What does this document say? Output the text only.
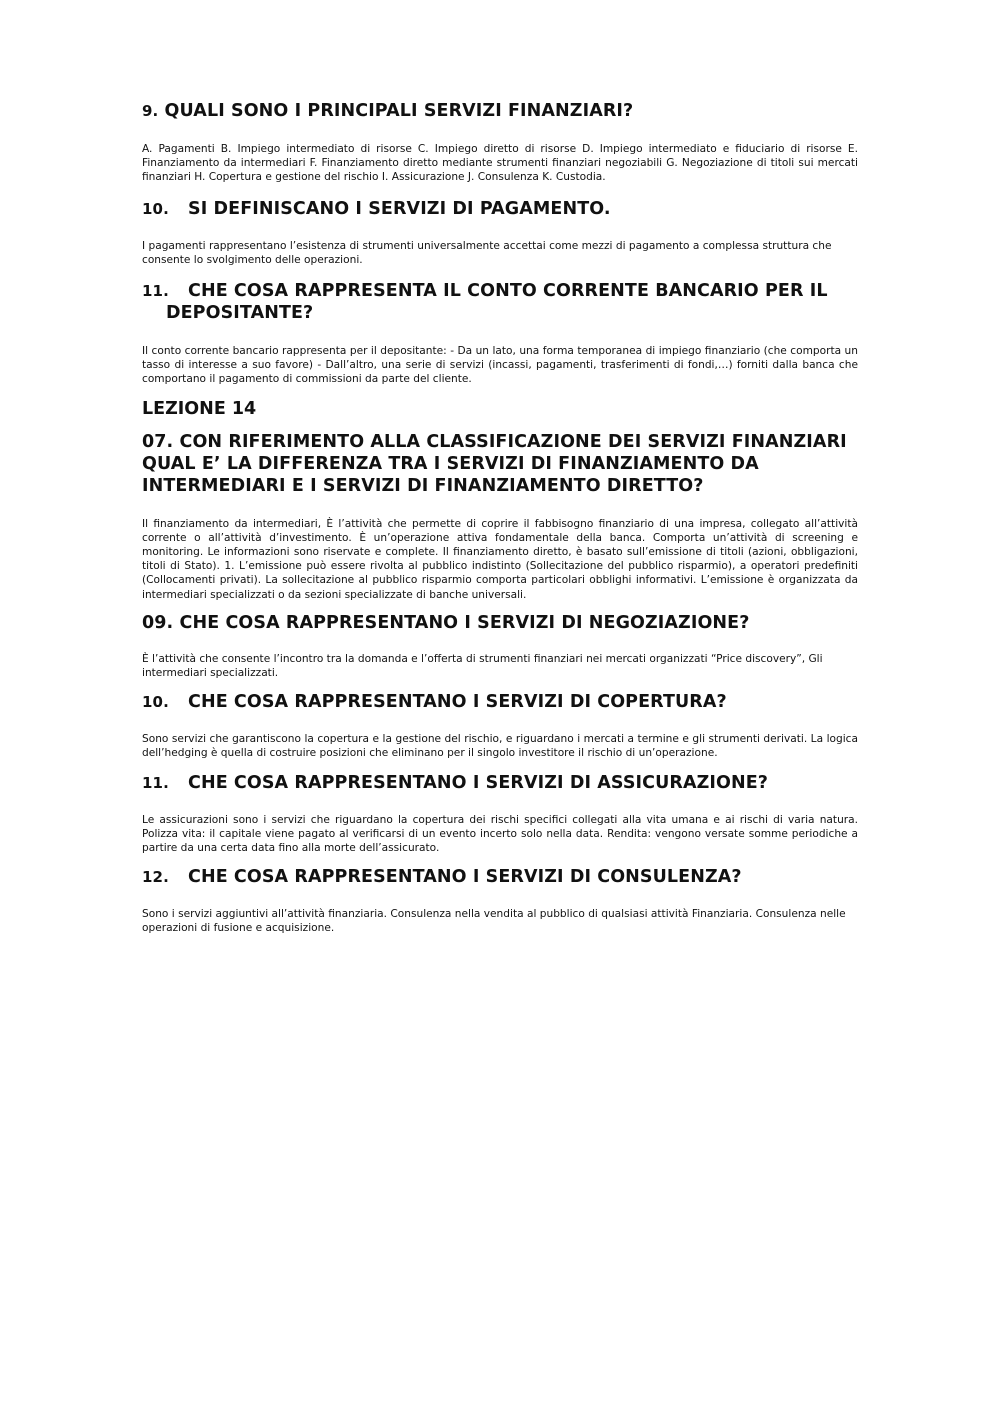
9. QUALI SONO I PRINCIPALI SERVIZI FINANZIARI?

A. Pagamenti B. Impiego intermediato di risorse C. Impiego diretto di risorse D. Impiego intermediato e fiduciario di risorse E. Finanziamento da intermediari F. Finanziamento diretto mediante strumenti finanziari negoziabili G. Negoziazione di titoli sui mercati finanziari H. Copertura e gestione del rischio I. Assicurazione J. Consulenza K. Custodia.

10. SI DEFINISCANO I SERVIZI DI PAGAMENTO.

I pagamenti rappresentano l’esistenza di strumenti universalmente accettai come mezzi di pagamento a complessa struttura che consente lo svolgimento delle operazioni.

11. CHE COSA RAPPRESENTA IL CONTO CORRENTE BANCARIO PER IL DEPOSITANTE?

Il conto corrente bancario rappresenta per il depositante: - Da un lato, una forma temporanea di impiego finanziario (che comporta un tasso di interesse a suo favore) - Dall’altro, una serie di servizi (incassi, pagamenti, trasferimenti di fondi,…) forniti dalla banca che comportano il pagamento di commissioni da parte del cliente.

LEZIONE 14
07. CON RIFERIMENTO ALLA CLASSIFICAZIONE DEI SERVIZI FINANZIARI QUAL E’ LA DIFFERENZA TRA I SERVIZI DI FINANZIAMENTO DA INTERMEDIARI E I SERVIZI DI FINANZIAMENTO DIRETTO?

Il finanziamento da intermediari, È l’attività che permette di coprire il fabbisogno finanziario di una impresa, collegato all’attività corrente o all’attività d’investimento. È un’operazione attiva fondamentale della banca. Comporta un’attività di screening e monitoring. Le informazioni sono riservate e complete. Il finanziamento diretto, è basato sull’emissione di titoli (azioni, obbligazioni, titoli di Stato). 1. L’emissione può essere rivolta al pubblico indistinto (Sollecitazione del pubblico risparmio), a operatori predefiniti (Collocamenti privati). La sollecitazione al pubblico risparmio comporta particolari obblighi informativi. L’emissione è organizzata da intermediari specializzati o da sezioni specializzate di banche universali.

09. CHE COSA RAPPRESENTANO I SERVIZI DI NEGOZIAZIONE?

È l’attività che consente l’incontro tra la domanda e l’offerta di strumenti finanziari nei mercati organizzati “Price discovery”, Gli intermediari specializzati.

10. CHE COSA RAPPRESENTANO I SERVIZI DI COPERTURA?

Sono servizi che garantiscono la copertura e la gestione del rischio, e riguardano i mercati a termine e gli strumenti derivati. La logica dell’hedging è quella di costruire posizioni che eliminano per il singolo investitore il rischio di un’operazione.

11. CHE COSA RAPPRESENTANO I SERVIZI DI ASSICURAZIONE?

Le assicurazioni sono i servizi che riguardano la copertura dei rischi specifici collegati alla vita umana e ai rischi di varia natura. Polizza vita: il capitale viene pagato al verificarsi di un evento incerto solo nella data. Rendita: vengono versate somme periodiche a partire da una certa data fino alla morte dell’assicurato.

12. CHE COSA RAPPRESENTANO I SERVIZI DI CONSULENZA?

Sono i servizi aggiuntivi all’attività finanziaria. Consulenza nella vendita al pubblico di qualsiasi attività Finanziaria. Consulenza nelle operazioni di fusione e acquisizione.
